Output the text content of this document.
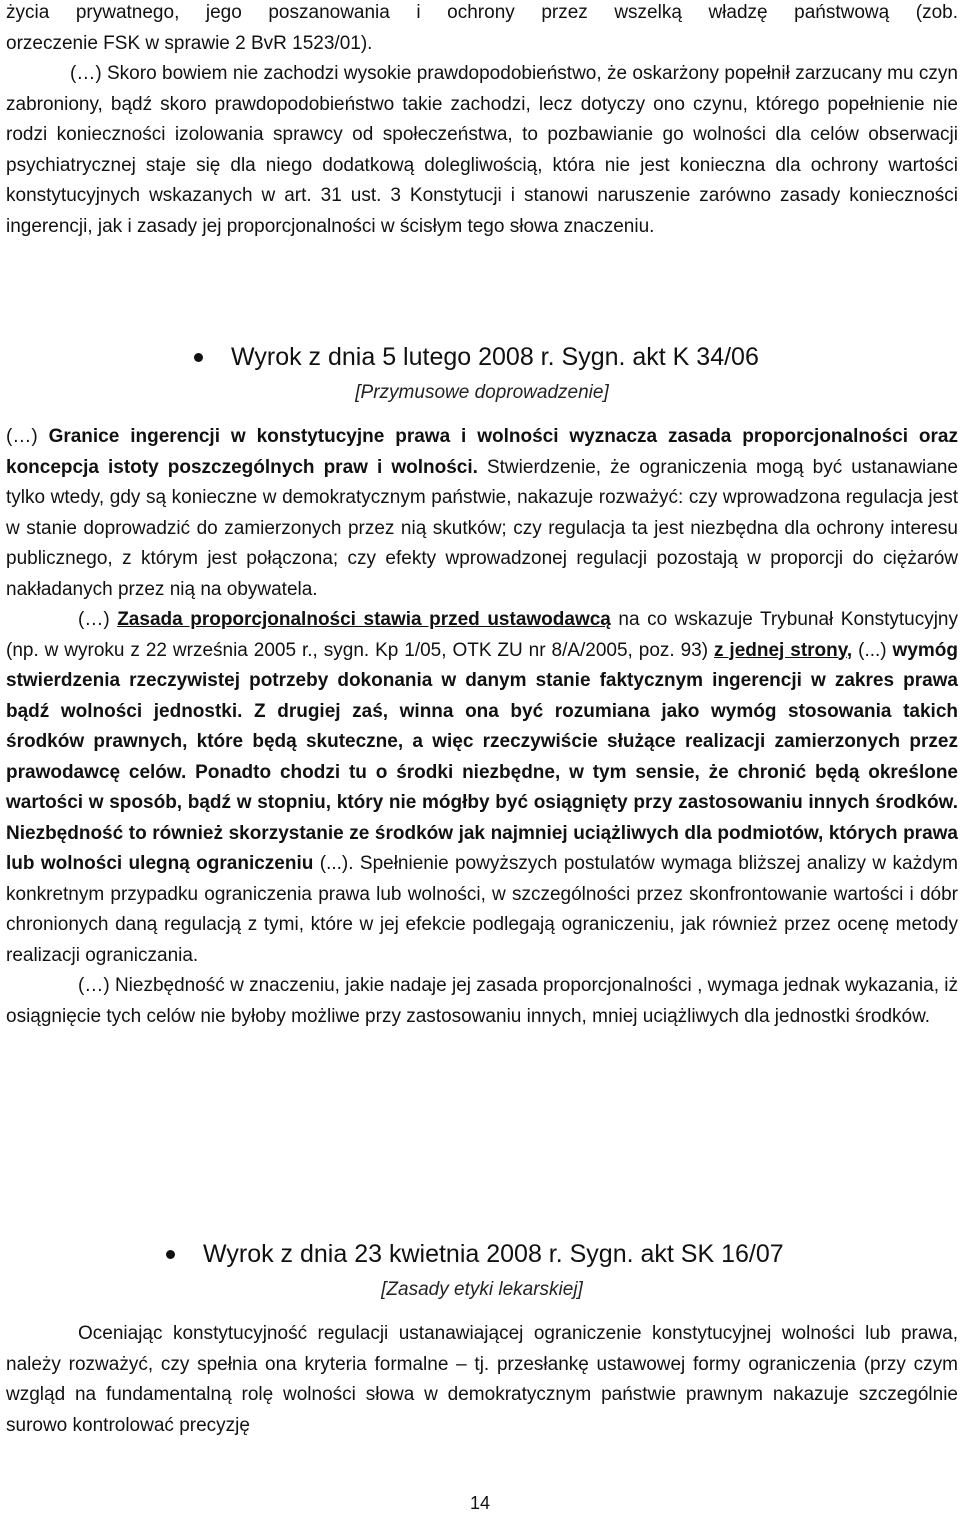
życia prywatnego, jego poszanowania i ochrony przez wszelką władzę państwową (zob.

orzeczenie FSK w sprawie 2 BvR 1523/01).

(…) Skoro bowiem nie zachodzi wysokie prawdopodobieństwo, że oskarżony popełnił zarzucany mu czyn zabroniony, bądź skoro prawdopodobieństwo takie zachodzi, lecz dotyczy ono czynu, którego popełnienie nie rodzi konieczności izolowania sprawcy od społeczeństwa, to pozbawianie go wolności dla celów obserwacji psychiatrycznej staje się dla niego dodatkową dolegliwością, która nie jest konieczna dla ochrony wartości konstytucyjnych wskazanych w art. 31 ust. 3 Konstytucji i stanowi naruszenie zarówno zasady konieczności ingerencji, jak i zasady jej proporcjonalności w ścisłym tego słowa znaczeniu.

Wyrok z dnia 5 lutego 2008 r. Sygn. akt K 34/06

[Przymusowe doprowadzenie]

(…) Granice ingerencji w konstytucyjne prawa i wolności wyznacza zasada proporcjonalności oraz koncepcja istoty poszczególnych praw i wolności. Stwierdzenie, że ograniczenia mogą być ustanawiane tylko wtedy, gdy są konieczne w demokratycznym państwie, nakazuje rozważyć: czy wprowadzona regulacja jest w stanie doprowadzić do zamierzonych przez nią skutków; czy regulacja ta jest niezbędna dla ochrony interesu publicznego, z którym jest połączona; czy efekty wprowadzonej regulacji pozostają w proporcji do ciężarów nakładanych przez nią na obywatela.

(…) Zasada proporcjonalności stawia przed ustawodawcą na co wskazuje Trybunał Konstytucyjny (np. w wyroku z 22 września 2005 r., sygn. Kp 1/05, OTK ZU nr 8/A/2005, poz. 93) z jednej strony, (...) wymóg stwierdzenia rzeczywistej potrzeby dokonania w danym stanie faktycznym ingerencji w zakres prawa bądź wolności jednostki. Z drugiej zaś, winna ona być rozumiana jako wymóg stosowania takich środków prawnych, które będą skuteczne, a więc rzeczywiście służące realizacji zamierzonych przez prawodawcę celów. Ponadto chodzi tu o środki niezbędne, w tym sensie, że chronić będą określone wartości w sposób, bądź w stopniu, który nie mógłby być osiągnięty przy zastosowaniu innych środków. Niezbędność to również skorzystanie ze środków jak najmniej uciążliwych dla podmiotów, których prawa lub wolności ulegną ograniczeniu (...). Spełnienie powyższych postulatów wymaga bliższej analizy w każdym konkretnym przypadku ograniczenia prawa lub wolności, w szczególności przez skonfrontowanie wartości i dóbr chronionych daną regulacją z tymi, które w jej efekcie podlegają ograniczeniu, jak również przez ocenę metody realizacji ograniczania.

(…) Niezbędność w znaczeniu, jakie nadaje jej zasada proporcjonalności , wymaga jednak wykazania, iż osiągnięcie tych celów nie byłoby możliwe przy zastosowaniu innych, mniej uciążliwych dla jednostki środków.

Wyrok z dnia 23 kwietnia 2008 r. Sygn. akt SK 16/07

[Zasady etyki lekarskiej]

Oceniając konstytucyjność regulacji ustanawiającej ograniczenie konstytucyjnej wolności lub prawa, należy rozważyć, czy spełnia ona kryteria formalne – tj. przesłankę ustawowej formy ograniczenia (przy czym wzgląd na fundamentalną rolę wolności słowa w demokratycznym państwie prawnym nakazuje szczególnie surowo kontrolować precyzję

14
